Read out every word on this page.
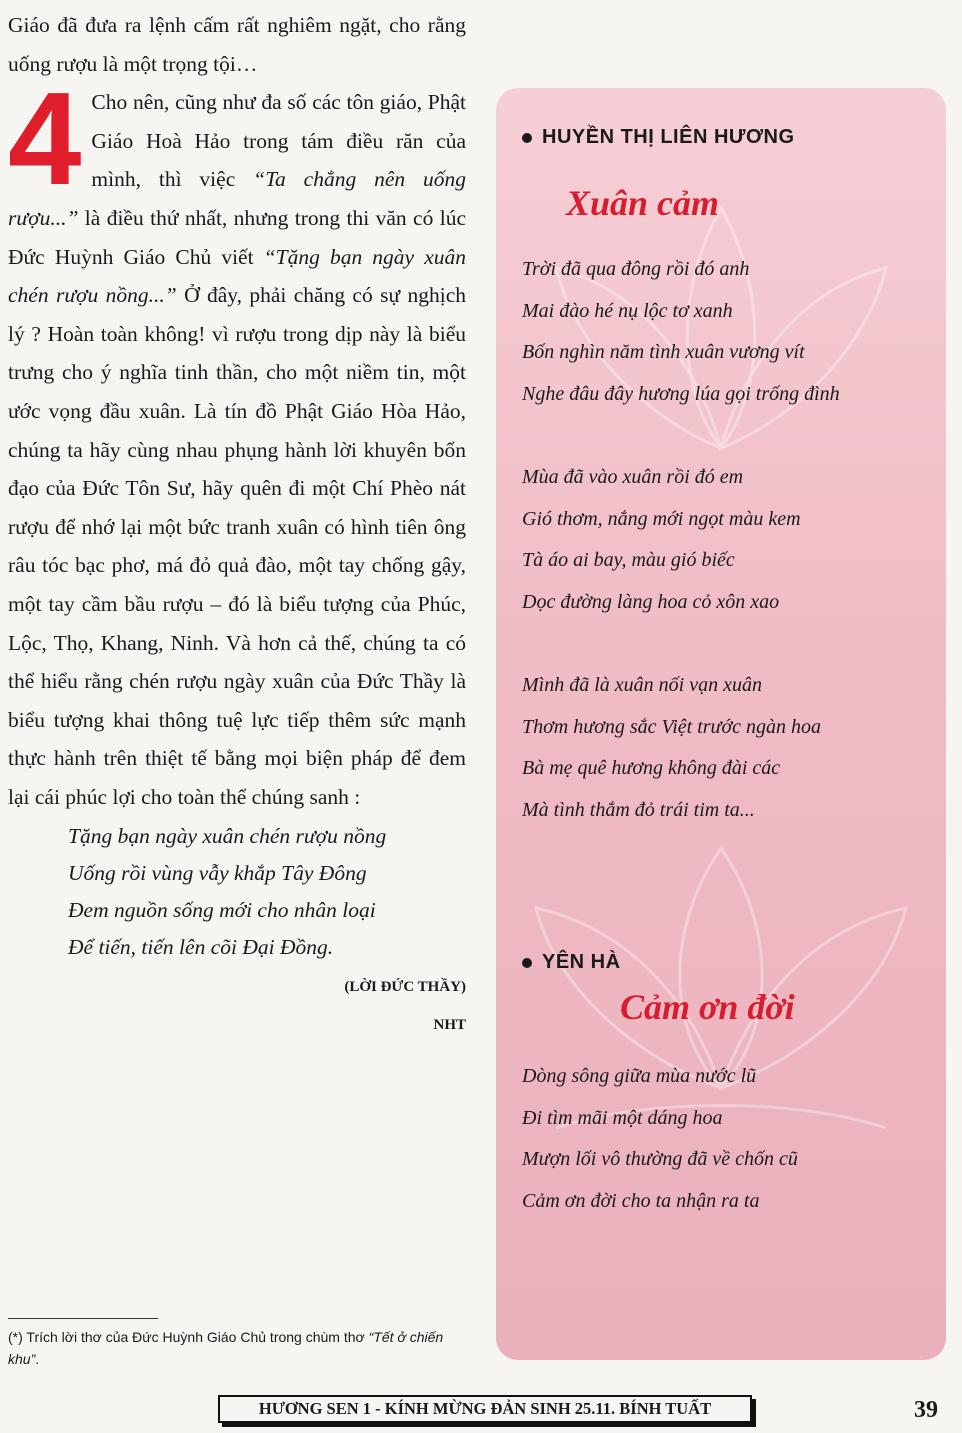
Giáo đã đưa ra lệnh cấm rất nghiêm ngặt, cho rằng uống rượu là một trọng tội…

4 Cho nên, cũng như đa số các tôn giáo, Phật Giáo Hoà Hảo trong tám điều răn của mình, thì việc “Ta chẳng nên uống rượu...” là điều thứ nhất, nhưng trong thi văn có lúc Đức Huỳnh Giáo Chủ viết “Tặng bạn ngày xuân chén rượu nồng...” Ở đây, phải chăng có sự nghịch lý ? Hoàn toàn không! vì rượu trong dịp này là biểu trưng cho ý nghĩa tinh thần, cho một niềm tin, một ước vọng đầu xuân. Là tín đồ Phật Giáo Hòa Hảo, chúng ta hãy cùng nhau phụng hành lời khuyên bổn đạo của Đức Tôn Sư, hãy quên đi một Chí Phèo nát rượu để nhớ lại một bức tranh xuân có hình tiên ông râu tóc bạc phơ, má đỏ quả đào, một tay chống gậy, một tay cầm bầu rượu – đó là biểu tượng của Phúc, Lộc, Thọ, Khang, Ninh. Và hơn cả thế, chúng ta có thể hiểu rằng chén rượu ngày xuân của Đức Thầy là biểu tượng khai thông tuệ lực tiếp thêm sức mạnh thực hành trên thiệt tế bằng mọi biện pháp để đem lại cái phúc lợi cho toàn thể chúng sanh :

Tặng bạn ngày xuân chén rượu nồng
Uống rồi vùng vẫy khắp Tây Đông
Đem nguồn sống mới cho nhân loại
Để tiến, tiến lên cõi Đại Đồng.
(LỜI ĐỨC THẦY)
NHT
(*) Trích lời thơ của Đức Huỳnh Giáo Chủ trong chùm thơ “Tết ở chiến khu”.
HUYỀN THỊ LIÊN HƯƠNG
Xuân cảm
Trời đã qua đông rồi đó anh
Mai đào hé nụ lộc tơ xanh
Bốn nghìn năm tình xuân vương vít
Nghe đâu đây hương lúa gọi trống đình

Mùa đã vào xuân rồi đó em
Gió thơm, nắng mới ngọt màu kem
Tà áo ai bay, màu gió biếc
Dọc đường làng hoa cỏ xôn xao

Mình đã là xuân nối vạn xuân
Thơm hương sắc Việt trước ngàn hoa
Bà mẹ quê hương không đài các
Mà tình thắm đỏ trái tim ta...
YÊN HÀ
Cảm ơn đời
Dòng sông giữa mùa nước lũ
Đi tìm mãi một dáng hoa
Mượn lối vô thường đã về chốn cũ
Cảm ơn đời cho ta nhận ra ta
HƯƠNG SEN 1 - KÍNH MỪNG ĐẢN SINH 25.11. BÍNH TUẤT	39
